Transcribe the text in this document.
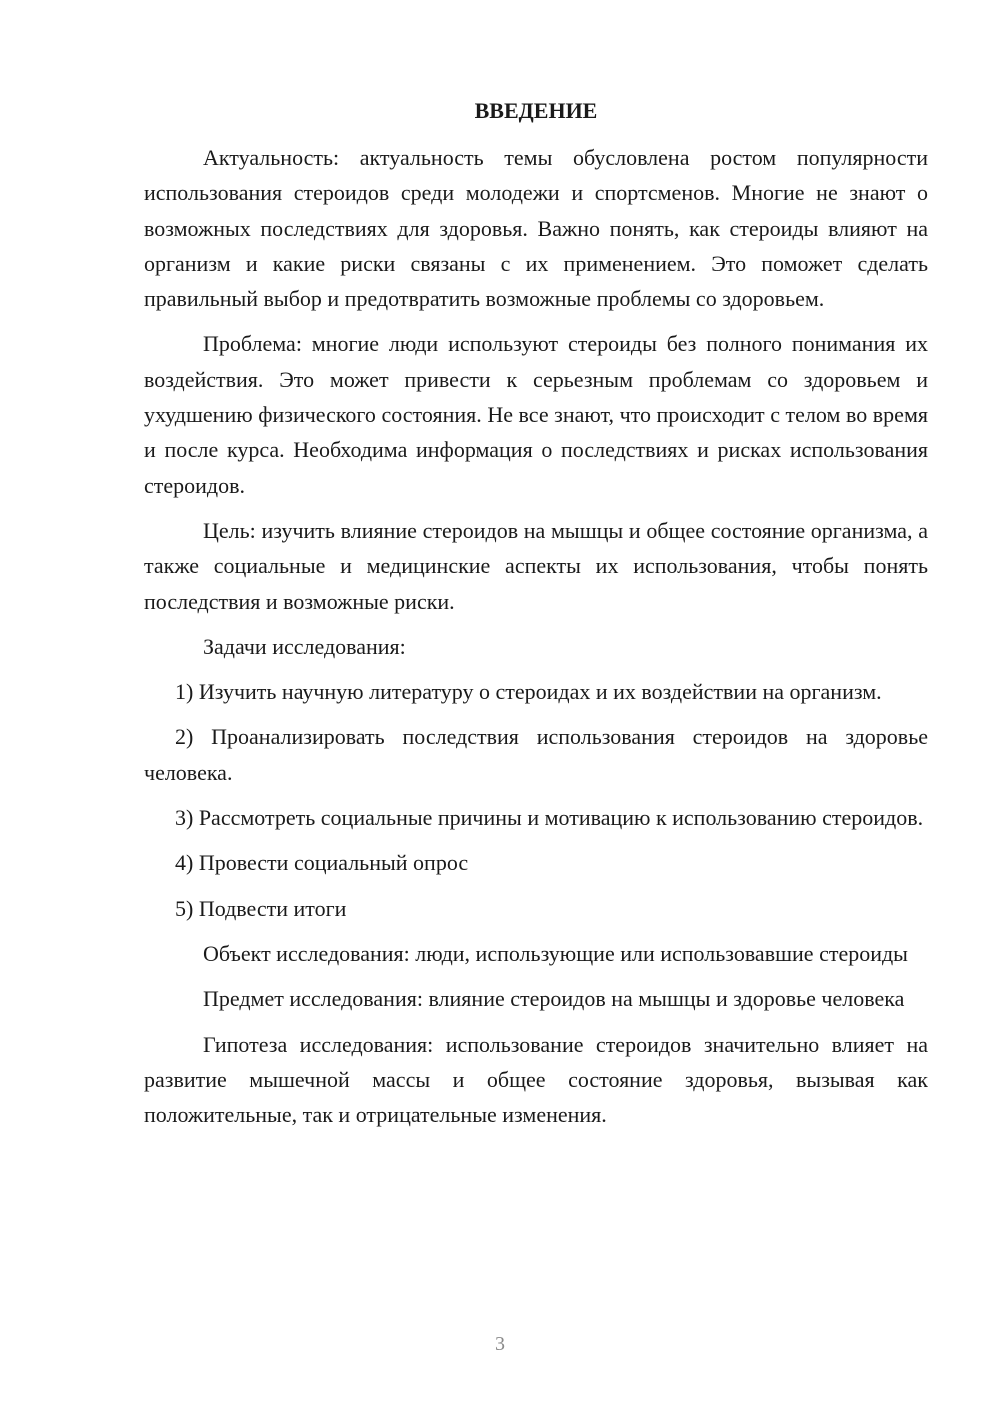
ВВЕДЕНИЕ

Актуальность: актуальность темы обусловлена ростом популярности использования стероидов среди молодежи и спортсменов. Многие не знают о возможных последствиях для здоровья. Важно понять, как стероиды влияют на организм и какие риски связаны с их применением. Это поможет сделать правильный выбор и предотвратить возможные проблемы со здоровьем.

Проблема: многие люди используют стероиды без полного понимания их воздействия. Это может привести к серьезным проблемам со здоровьем и ухудшению физического состояния. Не все знают, что происходит с телом во время и после курса. Необходима информация о последствиях и рисках использования стероидов.

Цель: изучить влияние стероидов на мышцы и общее состояние организма, а также социальные и медицинские аспекты их использования, чтобы понять последствия и возможные риски.

Задачи исследования:

1) Изучить научную литературу о стероидах и их воздействии на организм.

2) Проанализировать последствия использования стероидов на здоровье человека.

3) Рассмотреть социальные причины и мотивацию к использованию стероидов.

4) Провести социальный опрос

5) Подвести итоги

Объект исследования: люди, использующие или использовавшие стероиды

Предмет исследования: влияние стероидов на мышцы и здоровье человека

Гипотеза исследования: использование стероидов значительно влияет на развитие мышечной массы и общее состояние здоровья, вызывая как положительные, так и отрицательные изменения.

3
